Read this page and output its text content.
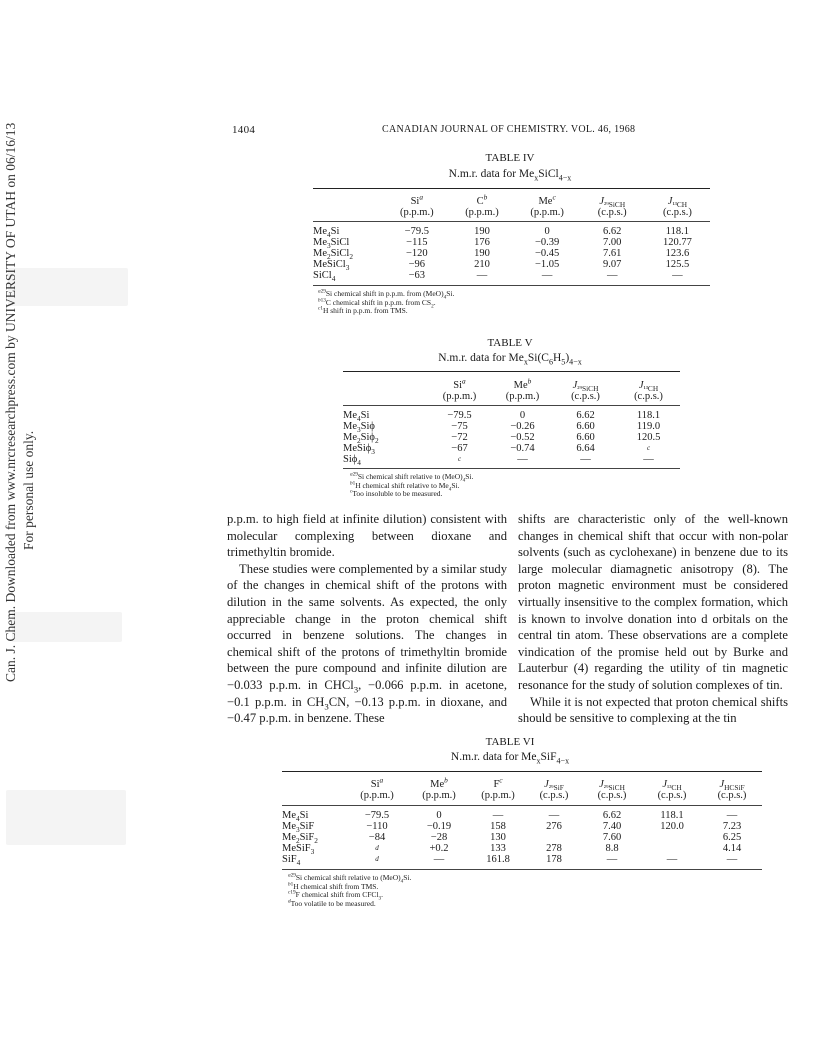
Can. J. Chem. Downloaded from www.nrcresearchpress.com by UNIVERSITY OF UTAH on 06/16/13 For personal use only.
1404	CANADIAN JOURNAL OF CHEMISTRY. VOL. 46, 1968
TABLE IV
N.m.r. data for $Me_xSiCl_{4-x}$
	Si$^a$	$C^b$	Me$^c$	$J_{^{29}SiCH}$	$J_{^{13}CH}$
	(p.p.m.)	(p.p.m.)	(p.p.m.)	(c.p.s.)	(c.p.s.)
$Me_4Si$	−79.5	190	0	6.62	118.1
$Me_3SiCl$	−115	176	−0.39	7.00	120.77
$Me_2SiCl_2$	−120	190	−0.45	7.61	123.6
MeSiCl$_3$	−96	210	−1.05	9.07	125.5
SiCl$_4$	−63	—	—	—	—
$^{a29}$Si chemical shift in p.p.m. from $(MeO)_4Si$.
$^{b13}$C chemical shift in p.p.m. from $CS_2$.
$^{c1}$H shift in p.p.m. from TMS.
TABLE V
N.m.r. data for $Me_xSi(C_6H_5)_{4-x}$
	Si$^a$	Me$^b$	$J_{^{29}SiCH}$	$J_{^{13}CH}$
	(p.p.m.)	(p.p.m.)	(c.p.s.)	(c.p.s.)
$Me_4Si$	−79.5	0	6.62	118.1
$Me_3Si\phi$	−75	−0.26	6.60	119.0
$Me_2Si\phi_2$	−72	−0.52	6.60	120.5
MeSiϕ$_3$	−67	−0.74	6.64	c
Siϕ$_4$	c	—	—	—
$^{a29}$Si chemical shift relative to $(MeO)_4Si$.
$^{b1}$H chemical shift relative to $Me_4Si$.
$^c$Too insoluble to be measured.

p.p.m. to high field at infinite dilution) consistent with molecular complexing between dioxane and trimethyltin bromide.

These studies were complemented by a similar study of the changes in chemical shift of the protons with dilution in the same solvents. As expected, the only appreciable change in the proton chemical shift occurred in benzene solutions. The changes in chemical shift of the protons of trimethyltin bromide between the pure compound and infinite dilution are −0.033 p.p.m. in CHCl$_3$, −0.066 p.p.m. in acetone, −0.1 p.p.m. in $CH_3CN$, −0.13 p.p.m. in dioxane, and −0.47 p.p.m. in benzene. These

shifts are characteristic only of the well-known changes in chemical shift that occur with non-polar solvents (such as cyclohexane) in benzene due to its large molecular diamagnetic anisotropy (8). The proton magnetic environment must be considered virtually insensitive to the complex formation, which is known to involve donation into d orbitals on the central tin atom. These observations are a complete vindication of the promise held out by Burke and Lauterbur (4) regarding the utility of tin magnetic resonance for the study of solution complexes of tin.

While it is not expected that proton chemical shifts should be sensitive to complexing at the tin

TABLE VI
N.m.r. data for $Me_xSiF_{4-x}$
	Si$^a$	Me$^b$	$F^c$	$J_{^{29}SiF}$	$J_{^{29}SiCH}$	$J_{^{13}CH}$	$J_{HCSiF}$
	(p.p.m.)	(p.p.m.)	(p.p.m.)	(c.p.s.)	(c.p.s.)	(c.p.s.)	(c.p.s.)
$Me_4Si$	−79.5	0	—	—	6.62	118.1	—
$Me_3SiF$	−110	−0.19	158	276	7.40	120.0	7.23
$Me_2SiF_2$	−84	−28	130		7.60		6.25
MeSiF$_3$	d	+0.2	133	278	8.8		4.14
SiF$_4$	d	—	161.8	178	—	—	—
$^{a29}$Si chemical shift relative to $(MeO)_4Si$.
$^{b1}$H chemical shift from TMS.
$^{c19}$F chemical shift from CFCl$_3$.
$^d$Too volatile to be measured.
